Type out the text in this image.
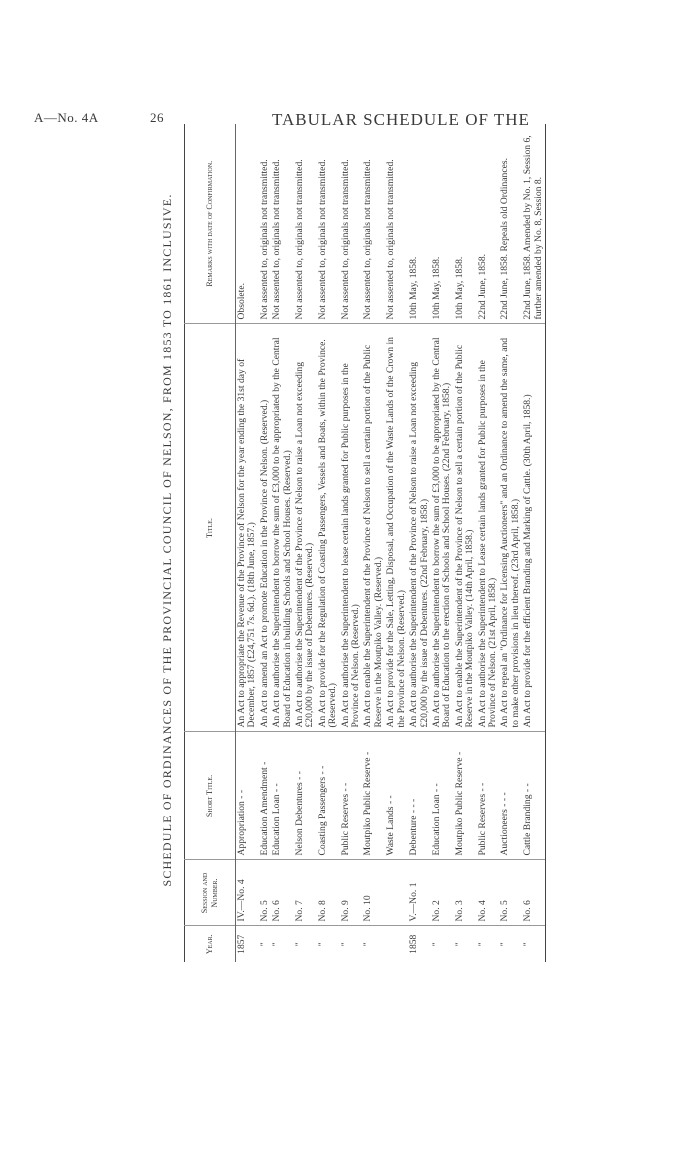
A—No. 4A	26	TABULAR SCHEDULE OF THE
SCHEDULE OF ORDINANCES OF THE PROVINCIAL COUNCIL OF NELSON, FROM 1853 TO 1861 INCLUSIVE.
Year.	Session and Number.	Short Title.	Title.	Remarks with date of Confirmation.
1857	IV.—No. 4	Appropriation - -	An Act to appropriate the Revenue of the Province of Nelson for the year ending the 31st day of December, 1857 (£24,751 7s. 6d.). (18th June, 1857.)	Obsolete.
"	No. 5	Education Amendment -	An Act to amend an Act to promote Education in the Province of Nelson. (Reserved.)	Not assented to, originals not transmitted.
"	No. 6	Education Loan - -	An Act to authorise the Superintendent to borrow the sum of £3,000 to be appropriated by the Central Board of Education in building Schools and School Houses. (Reserved.)	Not assented to, originals not transmitted.
"	No. 7	Nelson Debentures - -	An Act to authorise the Superintendent of the Province of Nelson to raise a Loan not exceeding £20,000 by the issue of Debentures. (Reserved.)	Not assented to, originals not transmitted.
"	No. 8	Coasting Passengers - -	An Act to provide for the Regulation of Coasting Passengers, Vessels and Boats, within the Province. (Reserved.)	Not assented to, originals not transmitted.
"	No. 9	Public Reserves - -	An Act to authorise the Superintendent to lease certain lands granted for Public purposes in the Province of Nelson. (Reserved.)	Not assented to, originals not transmitted.
"	No. 10	Moutpiko Public Reserve -	An Act to enable the Superintendent of the Province of Nelson to sell a certain portion of the Public Reserve in the Moutpiko Valley. (Reserved.)	Not assented to, originals not transmitted.
		Waste Lands - -	An Act to provide for the Sale, Letting, Disposal, and Occupation of the Waste Lands of the Crown in the Province of Nelson. (Reserved.)	Not assented to, originals not transmitted.
1858	V.—No. 1	Debenture - - -	An Act to authorise the Superintendent of the Province of Nelson to raise a Loan not exceeding £20,000 by the issue of Debentures. (22nd February, 1858.)	10th May, 1858.
"	No. 2	Education Loan - -	An Act to authorise the Superintendent to borrow the sum of £3,000 to be appropriated by the Central Board of Education to the erection of Schools and School Houses. (22nd February, 1858.)	10th May, 1858.
"	No. 3	Moutpiko Public Reserve -	An Act to enable the Superintendent of the Province of Nelson to sell a certain portion of the Public Reserve in the Moutpiko Valley. (14th April, 1858.)	10th May, 1858.
"	No. 4	Public Reserves - -	An Act to authorise the Superintendent to Lease certain lands granted for Public purposes in the Province of Nelson. (21st April, 1858.)	22nd June, 1858.
"	No. 5	Auctioneers - - -	An Act to repeal an "Ordinance for Licensing Auctioneers" and an Ordinance to amend the same, and to make other provisions in lieu thereof. (23rd April, 1858.)	22nd June, 1858. Repeals old Ordinances.
"	No. 6	Cattle Branding - -	An Act to provide for the efficient Branding and Marking of Cattle. (30th April, 1858.)	22nd June, 1858. Amended by No. 1, Session 6, further amended by No. 8, Session 8.
